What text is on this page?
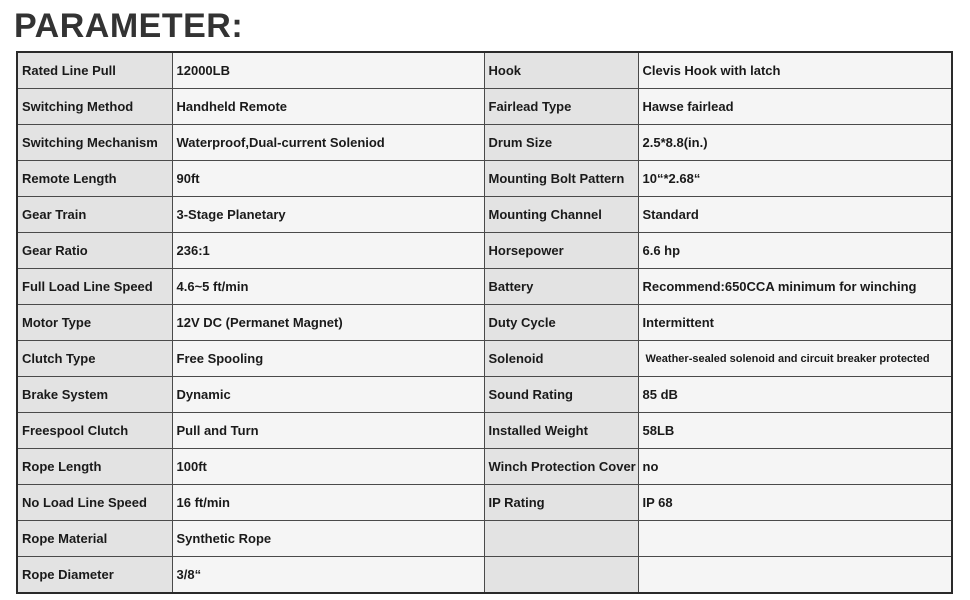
PARAMETER:
Rated Line Pull	12000LB	Hook	Clevis Hook with latch
Switching Method	Handheld Remote	Fairlead Type	Hawse fairlead
Switching Mechanism	Waterproof,Dual-current Soleniod	Drum Size	2.5*8.8(in.)
Remote Length	90ft	Mounting Bolt Pattern	10“*2.68“
Gear Train	3-Stage Planetary	Mounting Channel	Standard
Gear Ratio	236:1	Horsepower	6.6 hp
Full Load Line Speed	4.6~5 ft/min	Battery	Recommend:650CCA minimum for winching
Motor Type	12V DC (Permanet Magnet)	Duty Cycle	Intermittent
Clutch Type	Free Spooling	Solenoid	Weather-sealed solenoid and circuit breaker protected
Brake System	Dynamic	Sound Rating	85 dB
Freespool Clutch	Pull and Turn	Installed Weight	58LB
Rope Length	100ft	Winch Protection Cover	no
No Load Line Speed	16 ft/min	IP Rating	IP 68
Rope Material	Synthetic Rope		
Rope Diameter	3/8“		
